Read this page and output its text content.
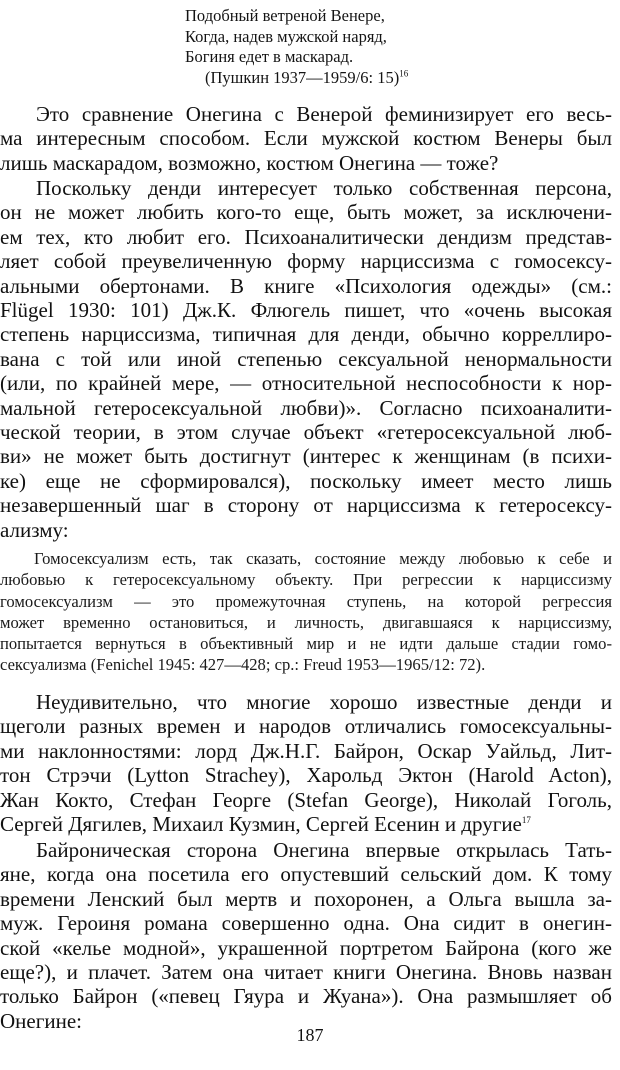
Подобный ветреной Венере,
Когда, надев мужской наряд,
Богиня едет в маскарад.
(Пушкин 1937—1959/6: 15)$^{16}$
Это сравнение Онегина с Венерой феминизирует его весь-
ма интересным способом. Если мужской костюм Венеры был
лишь маскарадом, возможно, костюм Онегина — тоже?
Поскольку денди интересует только собственная персона,
он не может любить кого-то еще, быть может, за исключени-
ем тех, кто любит его. Психоаналитически дендизм представ-
ляет собой преувеличенную форму нарциссизма с гомосексу-
альными обертонами. В книге «Психология одежды» (см.:
Flügel 1930: 101) Дж.К. Флюгель пишет, что «очень высокая
степень нарциссизма, типичная для денди, обычно корреллиро-
вана с той или иной степенью сексуальной ненормальности
(или, по крайней мере, — относительной неспособности к нор-
мальной гетеросексуальной любви)». Согласно психоаналити-
ческой теории, в этом случае объект «гетеросексуальной люб-
ви» не может быть достигнут (интерес к женщинам (в психи-
ке) еще не сформировался), поскольку имеет место лишь
незавершенный шаг в сторону от нарциссизма к гетеросексу-
ализму:
Гомосексуализм есть, так сказать, состояние между любовью к себе и
любовью к гетеросексуальному объекту. При регрессии к нарциссизму
гомосексуализм — это промежуточная ступень, на которой регрессия
может временно остановиться, и личность, двигавшаяся к нарциссизму,
попытается вернуться в объективный мир и не идти дальше стадии гомо-
сексуализма (Fenichel 1945: 427—428; ср.: Freud 1953—1965/12: 72).
Неудивительно, что многие хорошо известные денди и
щеголи разных времен и народов отличались гомосексуальны-
ми наклонностями: лорд Дж.Н.Г. Байрон, Оскар Уайльд, Лит-
тон Стрэчи (Lytton Strachey), Харольд Эктон (Harold Acton),
Жан Кокто, Стефан Георге (Stefan George), Николай Гоголь,
Сергей Дягилев, Михаил Кузмин, Сергей Есенин и другие$^{17}$
Байроническая сторона Онегина впервые открылась Тать-
яне, когда она посетила его опустевший сельский дом. К тому
времени Ленский был мертв и похоронен, а Ольга вышла за-
муж. Героиня романа совершенно одна. Она сидит в онегин-
ской «келье модной», украшенной портретом Байрона (кого же
еще?), и плачет. Затем она читает книги Онегина. Вновь назван
только Байрон («певец Гяура и Жуана»). Она размышляет об
Онегине:
187
